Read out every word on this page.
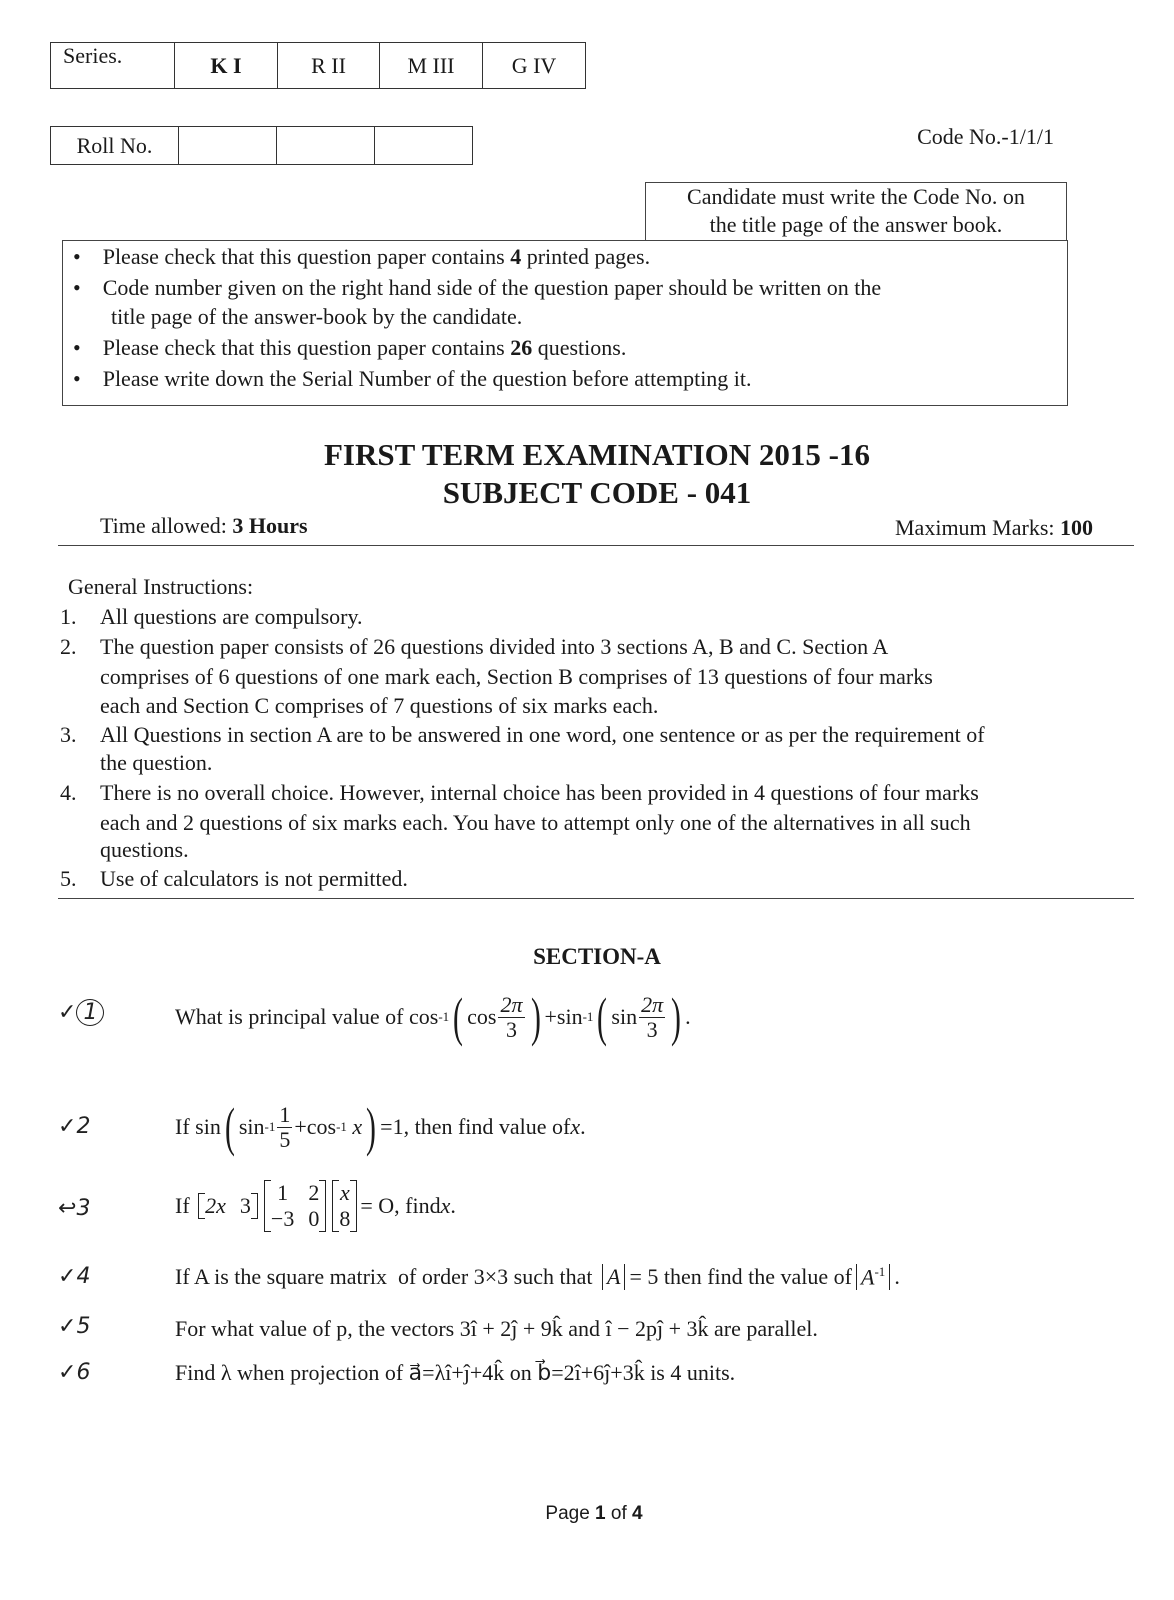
Series.	K I	R II	M III	G IV
Roll No.				Code No.-1/1/1
Candidate must write the Code No. on
the title page of the answer book.
•    Please check that this question paper contains 4 printed pages.
•    Code number given on the right hand side of the question paper should be written on the
title page of the answer-book by the candidate.
•    Please check that this question paper contains 26 questions.
•    Please write down the Serial Number of the question before attempting it.
FIRST TERM EXAMINATION 2015 -16
SUBJECT CODE - 041
Time allowed: 3 Hours	Maximum Marks: 100
General Instructions:
1. All questions are compulsory.
2. The question paper consists of 26 questions divided into 3 sections A, B and C. Section A
comprises of 6 questions of one mark each, Section B comprises of 13 questions of four marks
each and Section C comprises of 7 questions of six marks each.
3. All Questions in section A are to be answered in one word, one sentence or as per the requirement of
the question.
4. There is no overall choice. However, internal choice has been provided in 4 questions of four marks
each and 2 questions of six marks each. You have to attempt only one of the alternatives in all such
questions.
5. Use of calculators is not permitted.
SECTION-A
✓ 1	What is principal value of cos -1 ( $\cos \frac{2\pi}{3}$ ) +sin -1 ( $\sin \frac{2\pi}{3}$ ) .
✓2	If sin ( $\sin -1 \frac{1}{5} +\cos$ -1
x ) =1, then find value of x .
↩3	If
2x 3
1 2
−3 0
x
8
= O, find x .
✓4	If A is the square matrix  of order 3×3 such that A = 5 then find the value of $A^{-1}$ .
✓5	For what value of p, the vectors 3î + 2ĵ + 9k̂ and î − 2pĵ + 3k̂ are parallel.
✓6	Find λ when projection of a⃗=λî+ĵ+4k̂ on b⃗=2î+6ĵ+3k̂ is 4 units.
Page 1 of 4
